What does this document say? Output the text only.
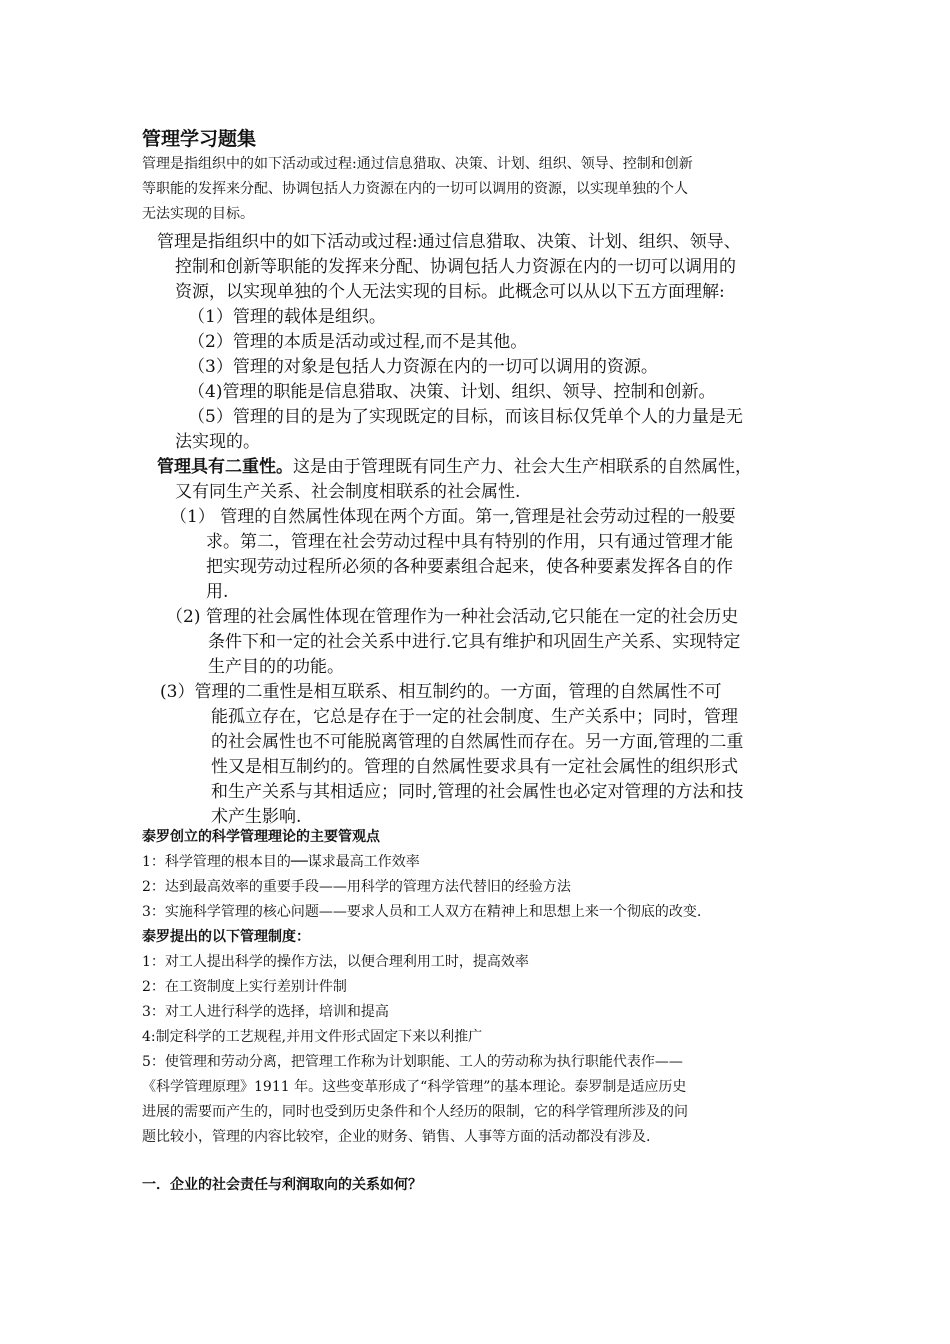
管理学习题集
管理是指组织中的如下活动或过程:通过信息猎取、决策、计划、组织、领导、控制和创新
等职能的发挥来分配、协调包括人力资源在内的一切可以调用的资源，以实现单独的个人
无法实现的目标。
管理是指组织中的如下活动或过程:通过信息猎取、决策、计划、组织、领导、
控制和创新等职能的发挥来分配、协调包括人力资源在内的一切可以调用的
资源，以实现单独的个人无法实现的目标。此概念可以从以下五方面理解:
（1）管理的载体是组织。
（2）管理的本质是活动或过程,而不是其他。
（3）管理的对象是包括人力资源在内的一切可以调用的资源。
（4)管理的职能是信息猎取、决策、计划、组织、领导、控制和创新。
（5）管理的目的是为了实现既定的目标，而该目标仅凭单个人的力量是无
法实现的。
管理具有二重性。这是由于管理既有同生产力、社会大生产相联系的自然属性，
又有同生产关系、社会制度相联系的社会属性.
（1） 管理的自然属性体现在两个方面。第一,管理是社会劳动过程的一般要
求。第二，管理在社会劳动过程中具有特别的作用，只有通过管理才能
把实现劳动过程所必须的各种要素组合起来，使各种要素发挥各自的作
用.
（2) 管理的社会属性体现在管理作为一种社会活动,它只能在一定的社会历史
条件下和一定的社会关系中进行.它具有维护和巩固生产关系、实现特定
生产目的的功能。
(3）管理的二重性是相互联系、相互制约的。一方面，管理的自然属性不可
能孤立存在，它总是存在于一定的社会制度、生产关系中；同时，管理
的社会属性也不可能脱离管理的自然属性而存在。另一方面,管理的二重
性又是相互制约的。管理的自然属性要求具有一定社会属性的组织形式
和生产关系与其相适应；同时,管理的社会属性也必定对管理的方法和技
术产生影响.
泰罗创立的科学管理理论的主要管观点
1：科学管理的根本目的──谋求最高工作效率
2：达到最高效率的重要手段——用科学的管理方法代替旧的经验方法
3：实施科学管理的核心问题——要求人员和工人双方在精神上和思想上来一个彻底的改变.
泰罗提出的以下管理制度：
1：对工人提出科学的操作方法，以便合理利用工时，提高效率
2：在工资制度上实行差别计件制
3：对工人进行科学的选择，培训和提高
4:制定科学的工艺规程,并用文件形式固定下来以利推广
5：使管理和劳动分离，把管理工作称为计划职能、工人的劳动称为执行职能代表作——
《科学管理原理》1911 年。这些变革形成了“科学管理”的基本理论。泰罗制是适应历史
进展的需要而产生的，同时也受到历史条件和个人经历的限制，它的科学管理所涉及的问
题比较小，管理的内容比较窄，企业的财务、销售、人事等方面的活动都没有涉及.
一．企业的社会责任与利润取向的关系如何？
